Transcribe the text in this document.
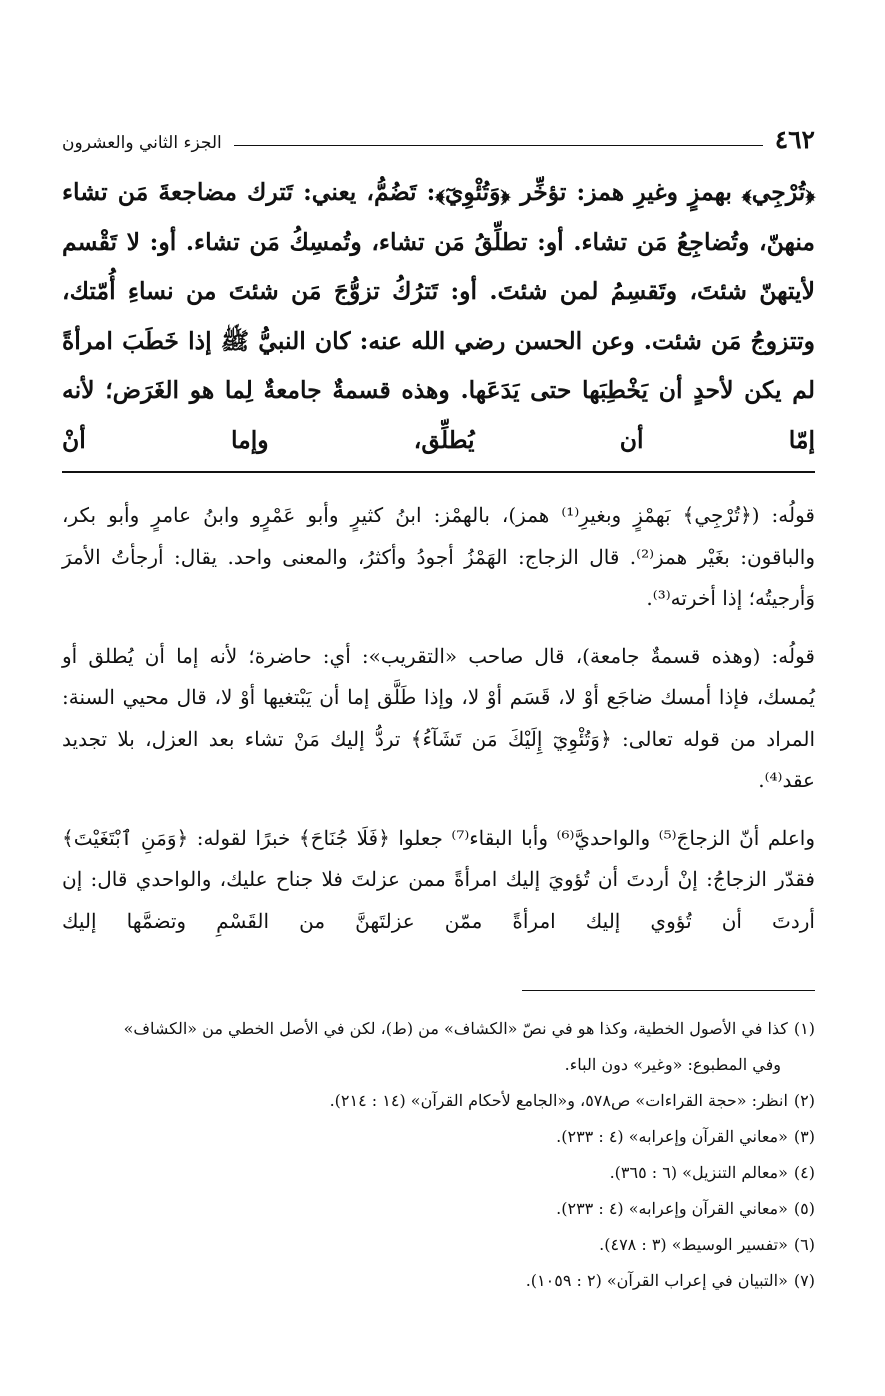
٤٦٢
الجزء الثاني والعشرون
﴿تُرْجِي﴾ بهمزٍ وغيرِ همز: تؤخِّر ﴿وَتُئْوِيٓ﴾: تَضُمُّ، يعني: تَترك مضاجعةَ مَن تشاء منهنّ، وتُضاجِعُ مَن تشاء. أو: تطلِّقُ مَن تشاء، وتُمسِكُ مَن تشاء. أو: لا تَقْسم لأيتهنّ شئتَ، وتَقسِمُ لمن شئتَ. أو: تَترُكُ تزوُّجَ مَن شئتَ من نساءِ أُمّتك، وتتزوجُ مَن شئت. وعن الحسن رضي الله عنه: كان النبيُّ ﷺ إذا خَطَبَ امرأةً لم يكن لأحدٍ أن يَخْطِبَها حتى يَدَعَها. وهذه قسمةٌ جامعةٌ لِما هو الغَرَض؛ لأنه إمّا أن يُطلِّق، وإما أنْ

قولُه: (﴿تُرْجِي﴾ بَهمْزٍ وبغيرِ⁽¹⁾ همز)، بالهمْز: ابنُ كثيرٍ وأبو عَمْرٍو وابنُ عامرٍ وأبو بكر، والباقون: بغَيْر همز⁽²⁾. قال الزجاج: الهَمْزُ أجودُ وأكثرُ، والمعنى واحد. يقال: أرجأتُ الأمرَ وَأرجيتُه؛ إذا أخرته⁽³⁾.

قولُه: (وهذه قسمةٌ جامعة)، قال صاحب «التقريب»: أي: حاضرة؛ لأنه إما أن يُطلق أو يُمسك، فإذا أمسك ضاجَع أوْ لا، قَسَم أوْ لا، وإذا طَلَّق إما أن يَبْتغيها أوْ لا، قال محيي السنة: المراد من قوله تعالى: ﴿وَتُئْوِيٓ إِلَيْكَ مَن تَشَآءُ﴾ تردُّ إليك مَنْ تشاء بعد العزل، بلا تجديد عقد⁽⁴⁾.

واعلم أنّ الزجاجَ⁽⁵⁾ والواحديَّ⁽⁶⁾ وأبا البقاء⁽⁷⁾ جعلوا ﴿فَلَا جُنَاحَ﴾ خبرًا لقوله: ﴿وَمَنِ ٱبْتَغَيْتَ﴾ فقدّر الزجاجُ: إنْ أردتَ أن تُؤويَ إليك امرأةً ممن عزلتَ فلا جناح عليك، والواحدي قال: إن أردتَ أن تُؤوي إليك امرأةً ممّن عزلتَهنَّ من القَسْمِ وتضمَّها إليك

(١)كذا في الأصول الخطية، وكذا هو في نصّ «الكشاف» من (ط)، لكن في الأصل الخطي من «الكشاف»
وفي المطبوع: «وغير» دون الباء.
(٢)انظر: «حجة القراءات» ص٥٧٨، و«الجامع لأحكام القرآن» (١٤ : ٢١٤).
(٣)«معاني القرآن وإعرابه» (٤ : ٢٣٣).
(٤)«معالم التنزيل» (٦ : ٣٦٥).
(٥)«معاني القرآن وإعرابه» (٤ : ٢٣٣).
(٦)«تفسير الوسيط» (٣ : ٤٧٨).
(٧)«التبيان في إعراب القرآن» (٢ : ١٠٥٩).
